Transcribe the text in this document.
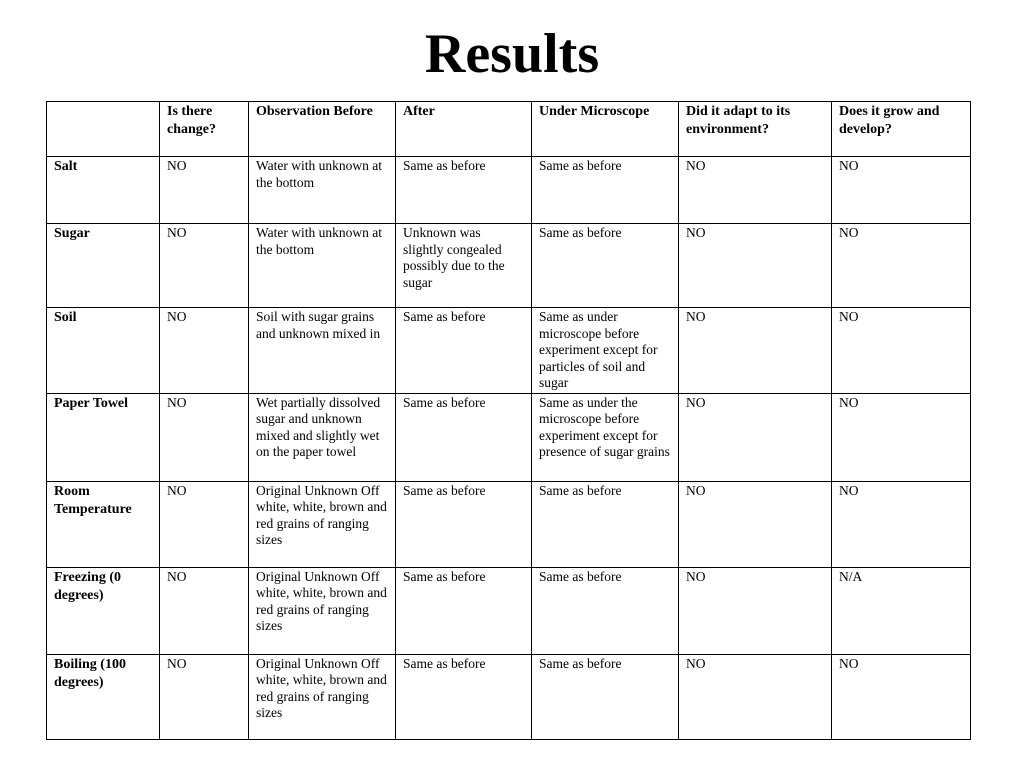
Results
	Is there change?	Observation Before	After	Under Microscope	Did it adapt to its environment?	Does it grow and develop?
Salt	NO	Water with unknown at the bottom	Same as before	Same as before	NO	NO
Sugar	NO	Water with unknown at the bottom	Unknown was slightly congealed possibly due to the sugar	Same as before	NO	NO
Soil	NO	Soil with sugar grains and unknown mixed in	Same as before	Same as under microscope before experiment except for particles of soil and sugar	NO	NO
Paper Towel	NO	Wet partially dissolved sugar and unknown mixed and slightly wet on the paper towel	Same as before	Same as under the microscope before experiment except for presence of sugar grains	NO	NO
Room Temperature	NO	Original Unknown Off white, white, brown and red grains of ranging sizes	Same as before	Same as before	NO	NO
Freezing (0 degrees)	NO	Original Unknown Off white, white, brown and red grains of ranging sizes	Same as before	Same as before	NO	N/A
Boiling (100 degrees)	NO	Original Unknown Off white, white, brown and red grains of ranging sizes	Same as before	Same as before	NO	NO
